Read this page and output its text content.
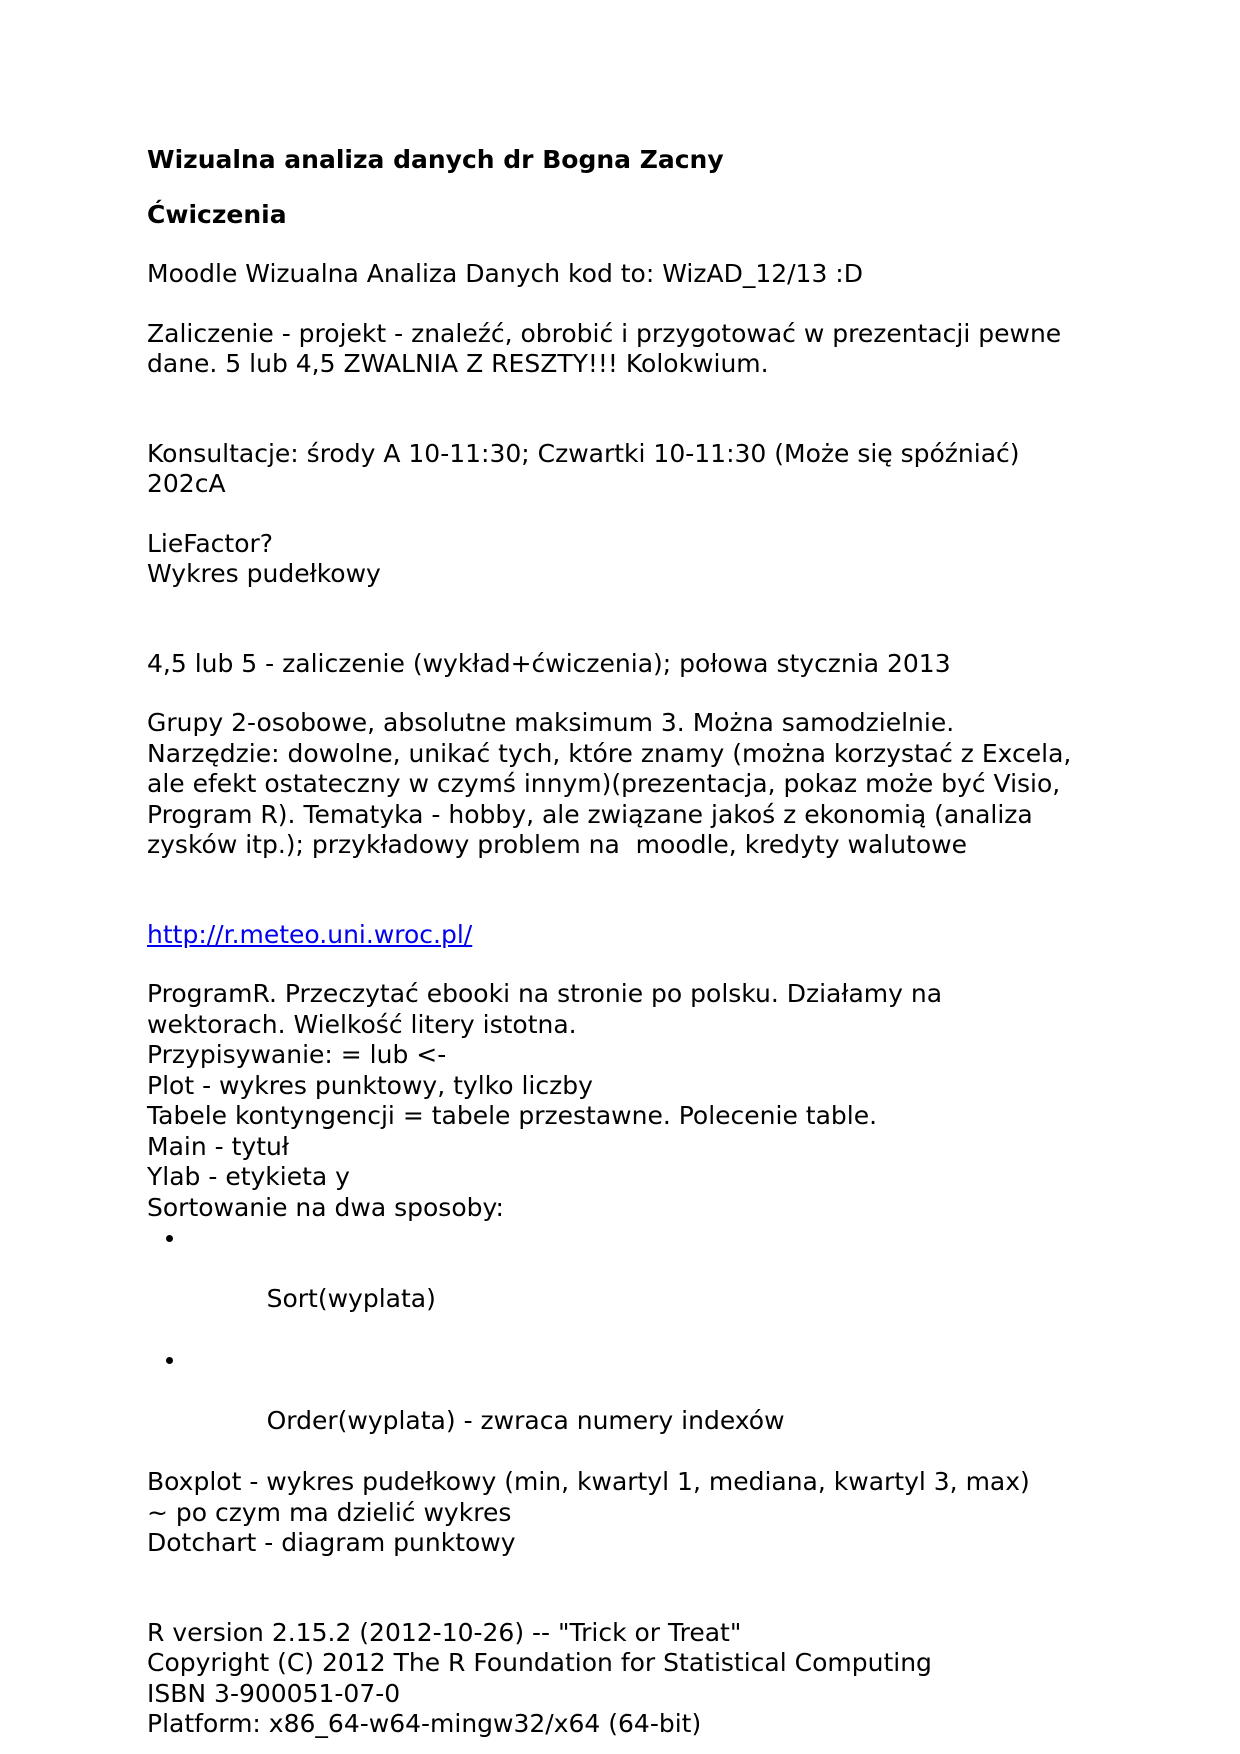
Wizualna analiza danych dr Bogna Zacny

Ćwiczenia

Moodle Wizualna Analiza Danych kod to: WizAD_12/13 :D

Zaliczenie - projekt - znaleźć, obrobić i przygotować w prezentacji pewne
dane. 5 lub 4,5 ZWALNIA Z RESZTY!!! Kolokwium.

Konsultacje: środy A 10-11:30; Czwartki 10-11:30 (Może się spóźniać)
202cA

LieFactor?
Wykres pudełkowy

4,5 lub 5 - zaliczenie (wykład+ćwiczenia); połowa stycznia 2013

Grupy 2-osobowe, absolutne maksimum 3. Można samodzielnie.
Narzędzie: dowolne, unikać tych, które znamy (można korzystać z Excela,
ale efekt ostateczny w czymś innym)(prezentacja, pokaz może być Visio,
Program R). Tematyka - hobby, ale związane jakoś z ekonomią (analiza
zysków itp.); przykładowy problem na  moodle, kredyty walutowe

http://r.meteo.uni.wroc.pl/

ProgramR. Przeczytać ebooki na stronie po polsku. Działamy na
wektorach. Wielkość litery istotna.
Przypisywanie: = lub <-
Plot - wykres punktowy, tylko liczby
Tabele kontyngencji = tabele przestawne. Polecenie table.
Main - tytuł
Ylab - etykieta y
Sortowanie na dwa sposoby:

Sort(wyplata)

Order(wyplata) - zwraca numery indexów

Boxplot - wykres pudełkowy (min, kwartyl 1, mediana, kwartyl 3, max)
~ po czym ma dzielić wykres
Dotchart - diagram punktowy

R version 2.15.2 (2012-10-26) -- "Trick or Treat"
Copyright (C) 2012 The R Foundation for Statistical Computing
ISBN 3-900051-07-0
Platform: x86_64-w64-mingw32/x64 (64-bit)
